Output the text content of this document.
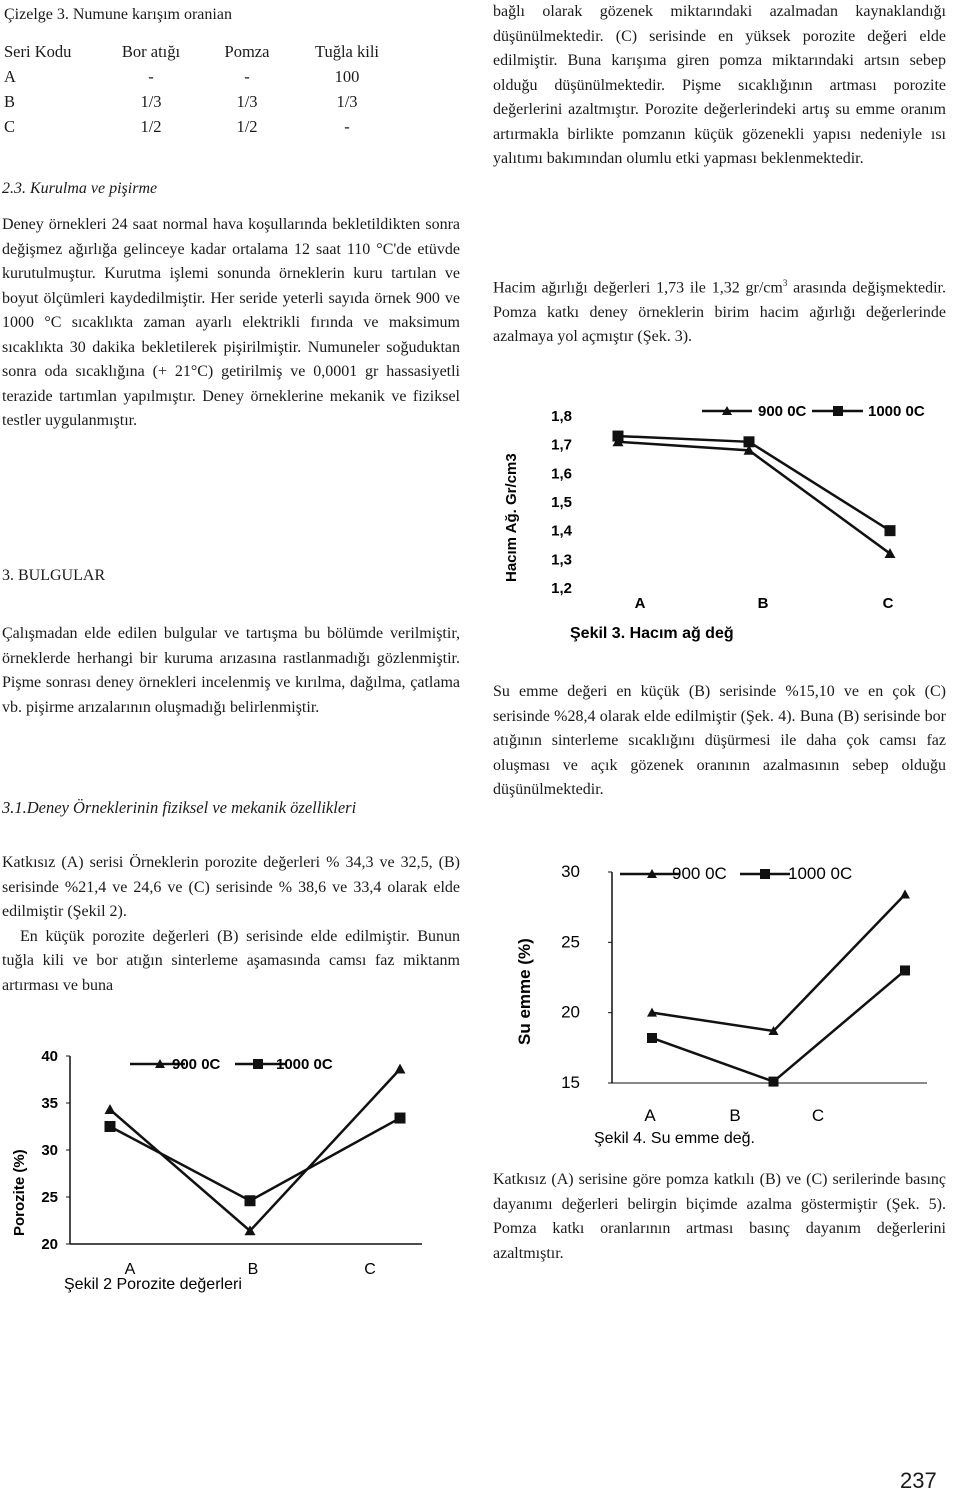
Çizelge 3. Numune karışım oranian
Seri Kodu	Bor atığı	Pomza	Tuğla kili
A	-	-	100
B	1/3	1/3	1/3
C	1/2	1/2	-
2.3. Kurulma ve pişirme

Deney örnekleri 24 saat normal hava koşullarında bekletildikten sonra değişmez ağırlığa gelinceye kadar ortalama 12 saat 110 °C'de etüvde kurutulmuştur. Kurutma işlemi sonunda örneklerin kuru tartılan ve boyut ölçümleri kaydedilmiştir. Her seride yeterli sayıda örnek 900 ve 1000 °C sıcaklıkta zaman ayarlı elektrikli fırında ve maksimum sıcaklıkta 30 dakika bekletilerek pişirilmiştir. Numuneler soğuduktan sonra oda sıcaklığına (+ 21°C) getirilmiş ve 0,0001 gr hassasiyetli terazide tartımlan yapılmıştır. Deney örneklerine mekanik ve fiziksel testler uygulanmıştır.

3. BULGULAR

Çalışmadan elde edilen bulgular ve tartışma bu bölümde verilmiştir, örneklerde herhangi bir kuruma arızasına rastlanmadığı gözlenmiştir. Pişme sonrası deney örnekleri incelenmiş ve kırılma, dağılma, çatlama vb. pişirme arızalarının oluşmadığı belirlenmiştir.

3.1.Deney Örneklerinin fiziksel ve mekanik özellikleri

Katkısız (A) serisi Örneklerin porozite değerleri % 34,3 ve 32,5, (B) serisinde %21,4 ve 24,6 ve (C) serisinde % 38,6 ve 33,4 olarak elde edilmiştir (Şekil 2).

En küçük porozite değerleri (B) serisinde elde edilmiştir. Bunun tuğla kili ve bor atığın sinterleme aşamasında camsı faz miktanm artırması ve buna

bağlı olarak gözenek miktarındaki azalmadan kaynaklandığı düşünülmektedir. (C) serisinde en yüksek porozite değeri elde edilmiştir. Buna karışıma giren pomza miktarındaki artsın sebep olduğu düşünülmektedir. Pişme sıcaklığının artması porozite değerlerini azaltmıştır. Porozite değerlerindeki artış su emme oranım artırmakla birlikte pomzanın küçük gözenekli yapısı nedeniyle ısı yalıtımı bakımından olumlu etki yapması beklenmektedir.

Hacim ağırlığı değerleri 1,73 ile 1,32 $gr/cm^3$ arasında değişmektedir. Pomza katkı deney örneklerin birim hacim ağırlığı değerlerinde azalmaya yol açmıştır (Şek. 3).

Su emme değeri en küçük (B) serisinde %15,10 ve en çok (C) serisinde %28,4 olarak elde edilmiştir (Şek. 4). Buna (B) serisinde bor atığının sinterleme sıcaklığını düşürmesi ile daha çok camsı faz oluşması ve açık gözenek oranının azalmasının sebep olduğu düşünülmektedir.

Katkısız (A) serisine göre pomza katkılı (B) ve (C) serilerinde basınç dayanımı değerleri belirgin biçimde azalma göstermiştir (Şek. 5). Pomza katkı oranlarının artması basınç dayanım değerlerini azaltmıştır.

1,8
1,7
1,6
1,5
1,4
1,3
1,2
A	B	C
900 0C	1000 0C
Hacım Ağ. Gr/cm3
Şekil 3. Hacım ağ değ
30
25
20
15
A	B	C
900 0C	1000 0C
Su emme (%)
Şekil 4. Su emme değ.
40
35
30
25
20
A	B	C
900 0C	1000 0C
Porozite (%)
Şekil 2 Porozite değerleri
237
